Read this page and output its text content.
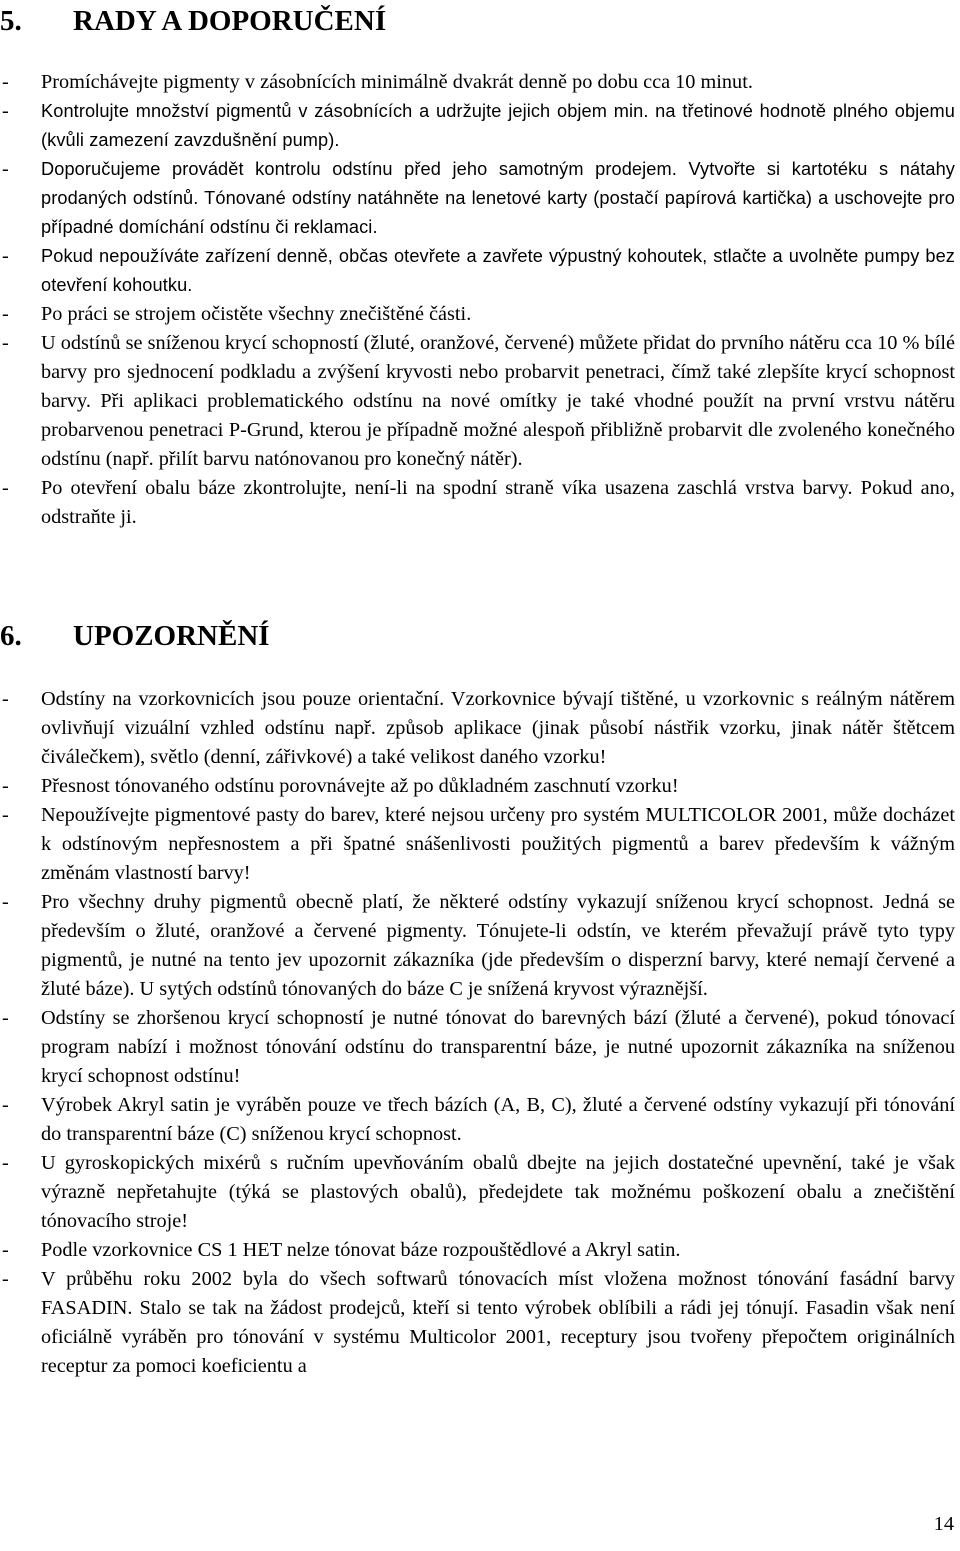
5. RADY A DOPORUČENÍ
- Promíchávejte pigmenty v zásobnících minimálně dvakrát denně po dobu cca 10 minut.
- Kontrolujte množství pigmentů v zásobnících a udržujte jejich objem min. na třetinové hodnotě plného objemu (kvůli zamezení zavzdušnění pump).
- Doporučujeme provádět kontrolu odstínu před jeho samotným prodejem. Vytvořte si kartotéku s nátahy prodaných odstínů. Tónované odstíny natáhněte na lenetové karty (postačí papírová kartička) a uschovejte pro případné domíchání odstínu či reklamaci.
- Pokud nepoužíváte zařízení denně, občas otevřete a zavřete výpustný kohoutek, stlačte a uvolněte pumpy bez otevření kohoutku.
- Po práci se strojem očistěte všechny znečištěné části.
- U odstínů se sníženou krycí schopností (žluté, oranžové, červené) můžete přidat do prvního nátěru cca 10 % bílé barvy pro sjednocení podkladu a zvýšení kryvosti nebo probarvit penetraci, čímž také zlepšíte krycí schopnost barvy. Při aplikaci problematického odstínu na nové omítky je také vhodné použít na první vrstvu nátěru probarvenou penetraci P-Grund, kterou je případně možné alespoň přibližně probarvit dle zvoleného konečného odstínu (např. přilít barvu natónovanou pro konečný nátěr).
- Po otevření obalu báze zkontrolujte, není-li na spodní straně víka usazena zaschlá vrstva barvy. Pokud ano, odstraňte ji.
6. UPOZORNĚNÍ
- Odstíny na vzorkovnicích jsou pouze orientační. Vzorkovnice bývají tištěné, u vzorkovnic s reálným nátěrem ovlivňují vizuální vzhled odstínu např. způsob aplikace (jinak působí nástřik vzorku, jinak nátěr štětcem čiválečkem), světlo (denní, zářivkové) a také velikost daného vzorku!
- Přesnost tónovaného odstínu porovnávejte až po důkladném zaschnutí vzorku!
- Nepoužívejte pigmentové pasty do barev, které nejsou určeny pro systém MULTICOLOR 2001, může docházet k odstínovým nepřesnostem a při špatné snášenlivosti použitých pigmentů a barev především k vážným změnám vlastností barvy!
- Pro všechny druhy pigmentů obecně platí, že některé odstíny vykazují sníženou krycí schopnost. Jedná se především o žluté, oranžové a červené pigmenty. Tónujete-li odstín, ve kterém převažují právě tyto typy pigmentů, je nutné na tento jev upozornit zákazníka (jde především o disperzní barvy, které nemají červené a žluté báze). U sytých odstínů tónovaných do báze C je snížená kryvost výraznější.
- Odstíny se zhoršenou krycí schopností je nutné tónovat do barevných bází (žluté a červené), pokud tónovací program nabízí i možnost tónování odstínu do transparentní báze, je nutné upozornit zákazníka na sníženou krycí schopnost odstínu!
- Výrobek Akryl satin je vyráběn pouze ve třech bázích (A, B, C), žluté a červené odstíny vykazují při tónování do transparentní báze (C) sníženou krycí schopnost.
- U gyroskopických mixérů s ručním upevňováním obalů dbejte na jejich dostatečné upevnění, také je však výrazně nepřetahujte (týká se plastových obalů), předejdete tak možnému poškození obalu a znečištění tónovacího stroje!
- Podle vzorkovnice CS 1 HET nelze tónovat báze rozpouštědlové a Akryl satin.
- V průběhu roku 2002 byla do všech softwarů tónovacích míst vložena možnost tónování fasádní barvy FASADIN. Stalo se tak na žádost prodejců, kteří si tento výrobek oblíbili a rádi jej tónují. Fasadin však není oficiálně vyráběn pro tónování v systému Multicolor 2001, receptury jsou tvořeny přepočtem originálních receptur za pomoci koeficientu a
14
